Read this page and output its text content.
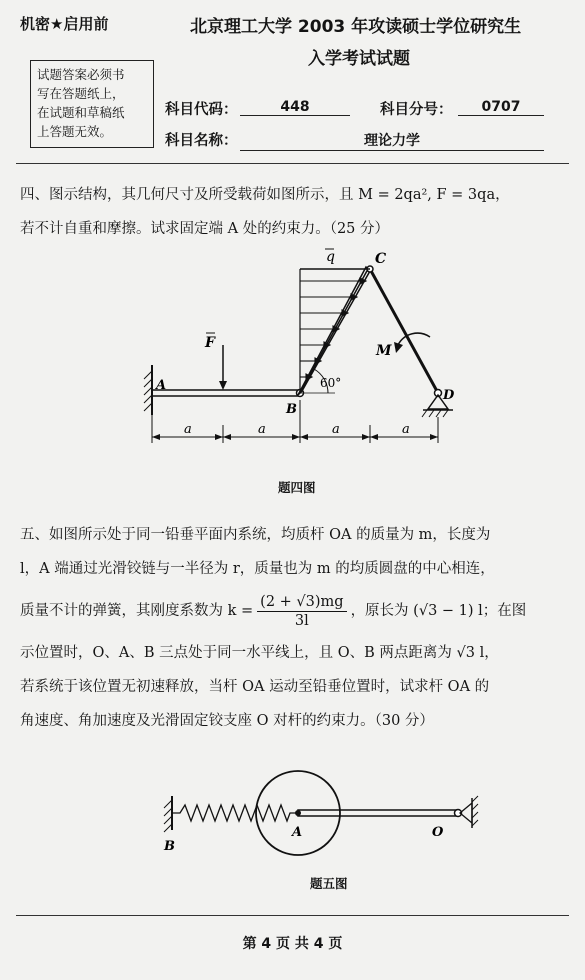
机密★启用前	北京理工大学 2003 年攻读硕士学位研究生
入学考试试题
试题答案必须书
写在答题纸上，
在试题和草稿纸
上答题无效。
科目代码：	448	科目分号：	0707
科目名称：	理论力学
四、图示结构，其几何尺寸及所受载荷如图所示，且 M = 2qa², F = 3qa，
若不计自重和摩擦。试求固定端 A 处的约束力。（25 分）
q	C
F	M
A
B
D
60°
a	a	a	a
题四图
五、如图所示处于同一铅垂平面内系统，均质杆 OA 的质量为 m，长度为
l，A 端通过光滑铰链与一半径为 r，质量也为 m 的均质圆盘的中心相连，
质量不计的弹簧，其刚度系数为 $k = \frac{(2 + √3)mg}{3l}$ ，原长为 (√3 − 1) l；在图
示位置时，O、A、B 三点处于同一水平线上，且 O、B 两点距离为 √3 l，
若系统于该位置无初速释放，当杆 OA 运动至铅垂位置时，试求杆 OA 的
角速度、角加速度及光滑固定铰支座 O 对杆的约束力。（30 分）
B
A	O
题五图
第 4 页 共 4 页
